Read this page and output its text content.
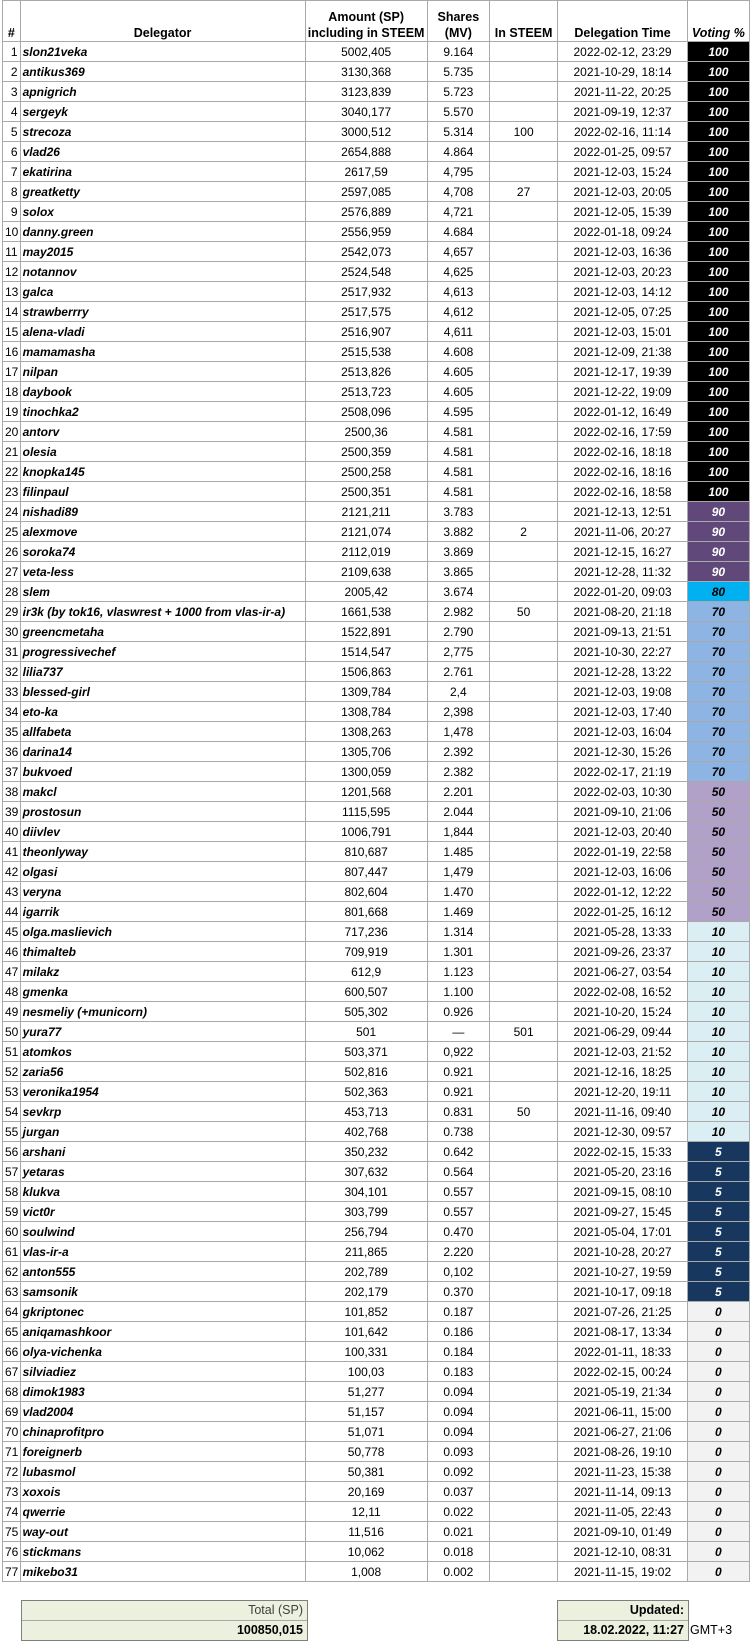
#	Delegator	Amount (SP) including in STEEM	Shares (MV)	In STEEM	Delegation Time	Voting %
1	slon21veka	5002,405	9.164		2022-02-12, 23:29	100
2	antikus369	3130,368	5.735		2021-10-29, 18:14	100
3	apnigrich	3123,839	5.723		2021-11-22, 20:25	100
4	sergeyk	3040,177	5.570		2021-09-19, 12:37	100
5	strecoza	3000,512	5.314	100	2022-02-16, 11:14	100
6	vlad26	2654,888	4.864		2022-01-25, 09:57	100
7	ekatirina	2617,59	4,795		2021-12-03, 15:24	100
8	greatketty	2597,085	4,708	27	2021-12-03, 20:05	100
9	solox	2576,889	4,721		2021-12-05, 15:39	100
10	danny.green	2556,959	4.684		2022-01-18, 09:24	100
11	may2015	2542,073	4,657		2021-12-03, 16:36	100
12	notannov	2524,548	4,625		2021-12-03, 20:23	100
13	galca	2517,932	4,613		2021-12-03, 14:12	100
14	strawberrry	2517,575	4,612		2021-12-05, 07:25	100
15	alena-vladi	2516,907	4,611		2021-12-03, 15:01	100
16	mamamasha	2515,538	4.608		2021-12-09, 21:38	100
17	nilpan	2513,826	4.605		2021-12-17, 19:39	100
18	daybook	2513,723	4.605		2021-12-22, 19:09	100
19	tinochka2	2508,096	4.595		2022-01-12, 16:49	100
20	antorv	2500,36	4.581		2022-02-16, 17:59	100
21	olesia	2500,359	4.581		2022-02-16, 18:18	100
22	knopka145	2500,258	4.581		2022-02-16, 18:16	100
23	filinpaul	2500,351	4.581		2022-02-16, 18:58	100
24	nishadi89	2121,211	3.783		2021-12-13, 12:51	90
25	alexmove	2121,074	3.882	2	2021-11-06, 20:27	90
26	soroka74	2112,019	3.869		2021-12-15, 16:27	90
27	veta-less	2109,638	3.865		2021-12-28, 11:32	90
28	slem	2005,42	3.674		2022-01-20, 09:03	80
29	ir3k (by tok16, vlaswrest + 1000 from vlas-ir-a)	1661,538	2.982	50	2021-08-20, 21:18	70
30	greencmetaha	1522,891	2.790		2021-09-13, 21:51	70
31	progressivechef	1514,547	2,775		2021-10-30, 22:27	70
32	lilia737	1506,863	2.761		2021-12-28, 13:22	70
33	blessed-girl	1309,784	2,4		2021-12-03, 19:08	70
34	eto-ka	1308,784	2,398		2021-12-03, 17:40	70
35	allfabeta	1308,263	1,478		2021-12-03, 16:04	70
36	darina14	1305,706	2.392		2021-12-30, 15:26	70
37	bukvoed	1300,059	2.382		2022-02-17, 21:19	70
38	makcl	1201,568	2.201		2022-02-03, 10:30	50
39	prostosun	1115,595	2.044		2021-09-10, 21:06	50
40	diivlev	1006,791	1,844		2021-12-03, 20:40	50
41	theonlyway	810,687	1.485		2022-01-19, 22:58	50
42	olgasi	807,447	1,479		2021-12-03, 16:06	50
43	veryna	802,604	1.470		2022-01-12, 12:22	50
44	igarrik	801,668	1.469		2022-01-25, 16:12	50
45	olga.maslievich	717,236	1.314		2021-05-28, 13:33	10
46	thimalteb	709,919	1.301		2021-09-26, 23:37	10
47	milakz	612,9	1.123		2021-06-27, 03:54	10
48	gmenka	600,507	1.100		2022-02-08, 16:52	10
49	nesmeliy (+municorn)	505,302	0.926		2021-10-20, 15:24	10
50	yura77	501	—	501	2021-06-29, 09:44	10
51	atomkos	503,371	0,922		2021-12-03, 21:52	10
52	zaria56	502,816	0.921		2021-12-16, 18:25	10
53	veronika1954	502,363	0.921		2021-12-20, 19:11	10
54	sevkrp	453,713	0.831	50	2021-11-16, 09:40	10
55	jurgan	402,768	0.738		2021-12-30, 09:57	10
56	arshani	350,232	0.642		2022-02-15, 15:33	5
57	yetaras	307,632	0.564		2021-05-20, 23:16	5
58	klukva	304,101	0.557		2021-09-15, 08:10	5
59	vict0r	303,799	0.557		2021-09-27, 15:45	5
60	soulwind	256,794	0.470		2021-05-04, 17:01	5
61	vlas-ir-a	211,865	2.220		2021-10-28, 20:27	5
62	anton555	202,789	0,102		2021-10-27, 19:59	5
63	samsonik	202,179	0.370		2021-10-17, 09:18	5
64	gkriptonec	101,852	0.187		2021-07-26, 21:25	0
65	aniqamashkoor	101,642	0.186		2021-08-17, 13:34	0
66	olya-vichenka	100,331	0.184		2022-01-11, 18:33	0
67	silviadiez	100,03	0.183		2022-02-15, 00:24	0
68	dimok1983	51,277	0.094		2021-05-19, 21:34	0
69	vlad2004	51,157	0.094		2021-06-11, 15:00	0
70	chinaprofitpro	51,071	0.094		2021-06-27, 21:06	0
71	foreignerb	50,778	0.093		2021-08-26, 19:10	0
72	lubasmol	50,381	0.092		2021-11-23, 15:38	0
73	xoxois	20,169	0.037		2021-11-14, 09:13	0
74	qwerrie	12,11	0.022		2021-11-05, 22:43	0
75	way-out	11,516	0.021		2021-09-10, 01:49	0
76	stickmans	10,062	0.018		2021-12-10, 08:31	0
77	mikebo31	1,008	0.002		2021-11-15, 19:02	0
Total (SP)
100850,015
Updated:
18.02.2022, 11:27 GMT+3
